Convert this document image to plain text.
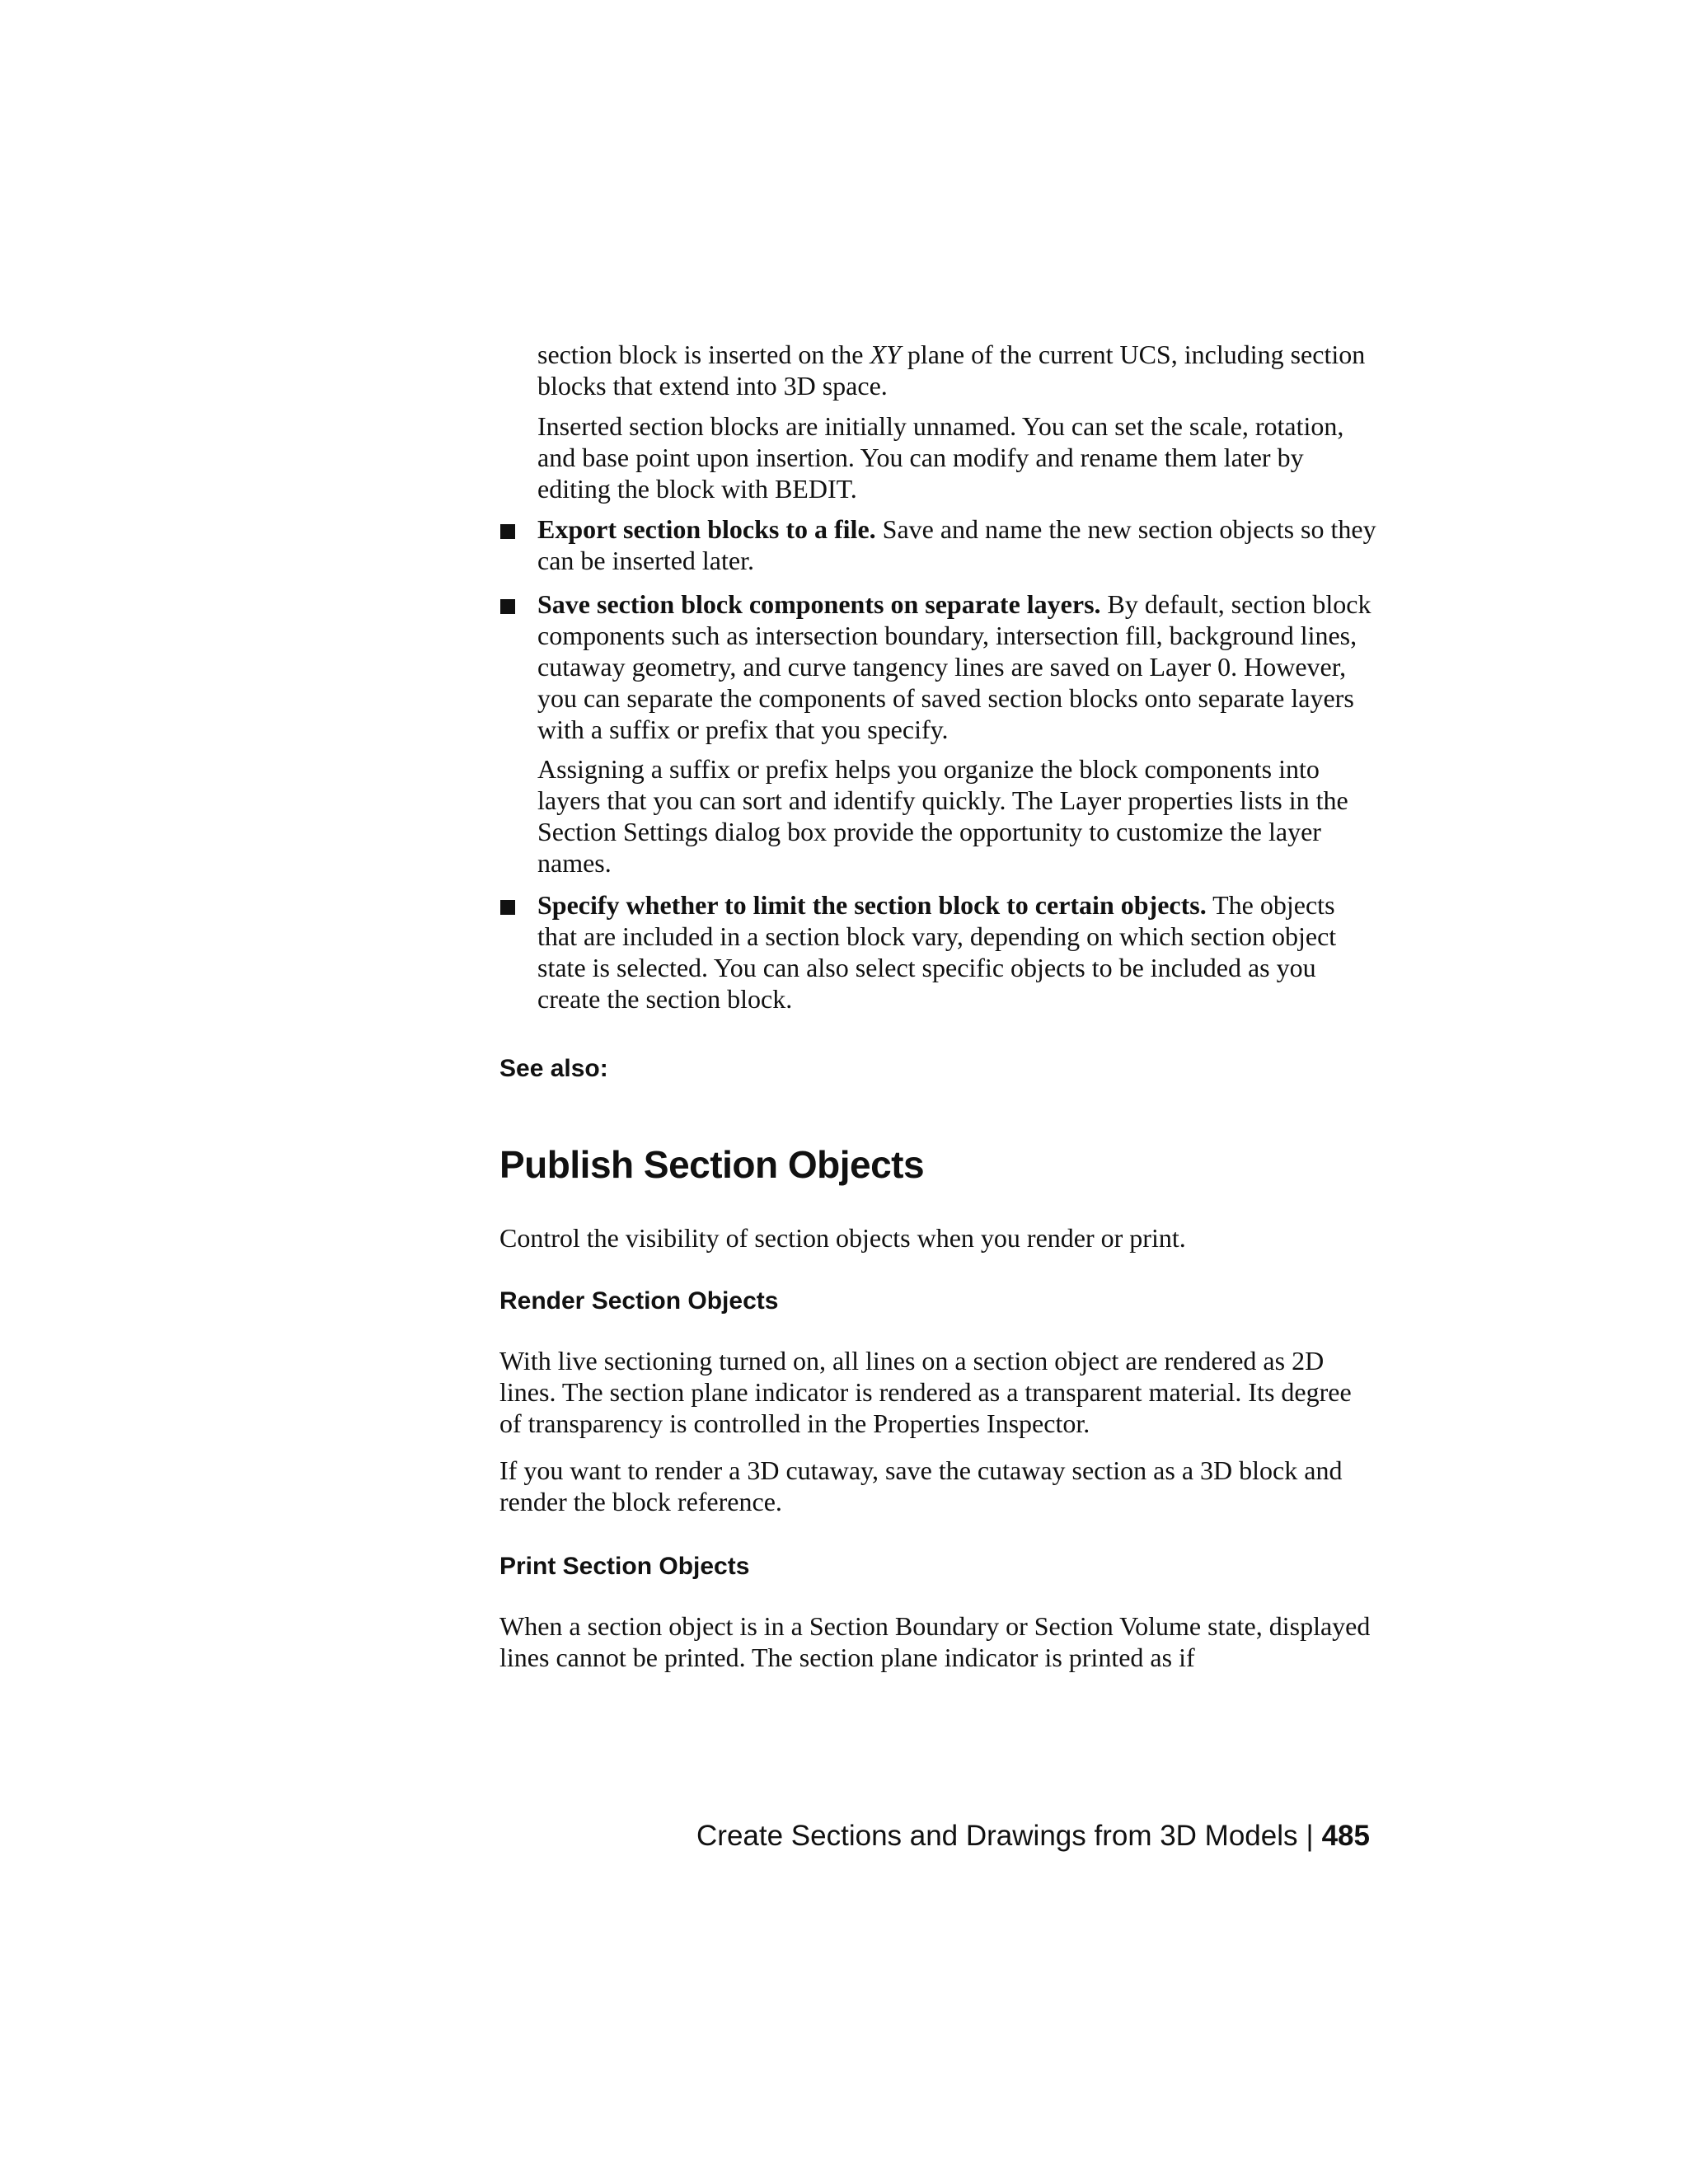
section block is inserted on the XY plane of the current UCS, including section blocks that extend into 3D space.

Inserted section blocks are initially unnamed. You can set the scale, rotation, and base point upon insertion. You can modify and rename them later by editing the block with BEDIT.

Export section blocks to a file. Save and name the new section objects so they can be inserted later.

Save section block components on separate layers. By default, section block components such as intersection boundary, intersection fill, background lines, cutaway geometry, and curve tangency lines are saved on Layer 0. However, you can separate the components of saved section blocks onto separate layers with a suffix or prefix that you specify.

Assigning a suffix or prefix helps you organize the block components into layers that you can sort and identify quickly. The Layer properties lists in the Section Settings dialog box provide the opportunity to customize the layer names.

Specify whether to limit the section block to certain objects. The objects that are included in a section block vary, depending on which section object state is selected. You can also select specific objects to be included as you create the section block.

See also:
Publish Section Objects

Control the visibility of section objects when you render or print.

Render Section Objects

With live sectioning turned on, all lines on a section object are rendered as 2D lines. The section plane indicator is rendered as a transparent material. Its degree of transparency is controlled in the Properties Inspector.

If you want to render a 3D cutaway, save the cutaway section as a 3D block and render the block reference.

Print Section Objects

When a section object is in a Section Boundary or Section Volume state, displayed lines cannot be printed. The section plane indicator is printed as if

Create Sections and Drawings from 3D Models | 485
